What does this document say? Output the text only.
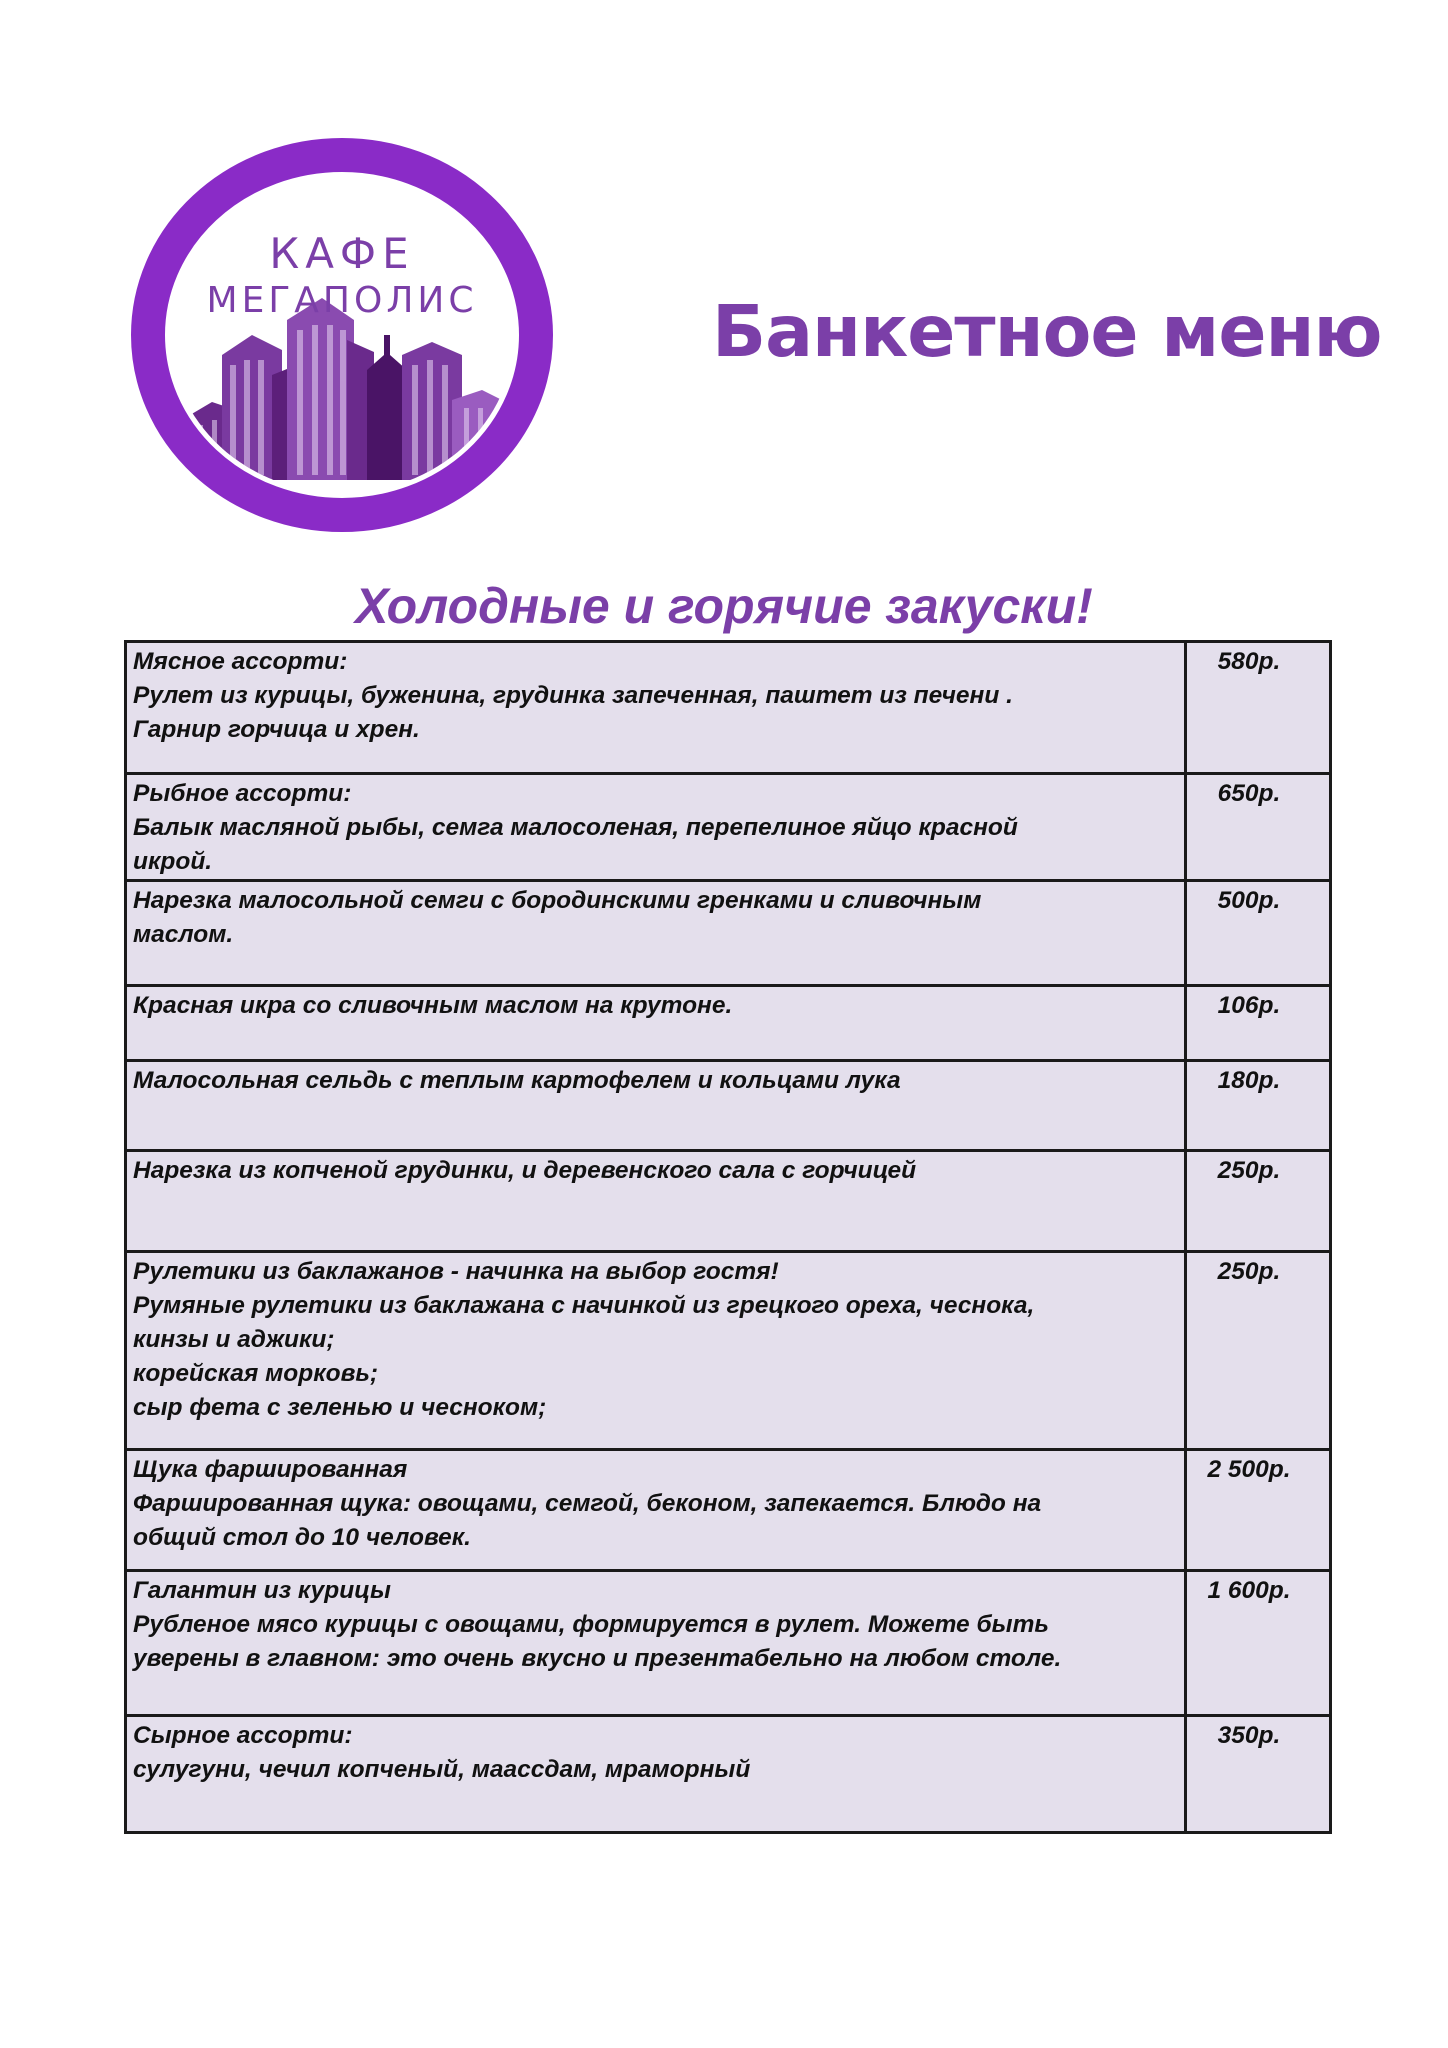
КАФЕ
МЕГАПОЛИС	Банкетное меню
Холодные и горячие закуски!
Мясное ассорти:
Рулет из курицы, буженина, грудинка запеченная, паштет из печени .
Гарнир горчица и хрен.	580р.

Рыбное ассорти:
Балык масляной рыбы, семга малосоленая, перепелиное яйцо красной
икрой.	650р.

Нарезка малосольной семги с бородинскими гренками и сливочным
маслом.	500р.

Красная икра со сливочным маслом на крутоне.	106р.

Малосольная сельдь с теплым картофелем и кольцами лука	180р.

Нарезка из копченой грудинки, и деревенского сала с горчицей	250р.

Рулетики из баклажанов - начинка на выбор гостя!
Румяные рулетики из баклажана с начинкой из грецкого ореха, чеснока,
кинзы и аджики;
корейская морковь;
сыр фета с зеленью и чесноком;	250р.

Щука фаршированная
Фаршированная щука: овощами, семгой, беконом, запекается. Блюдо на
общий стол до 10 человек.	2 500р.

Галантин из курицы
Рубленое мясо курицы с овощами, формируется в рулет. Можете быть
уверены в главном: это очень вкусно и презентабельно на любом столе.	1 600р.

Сырное ассорти:
сулугуни, чечил копченый, маассдам, мраморный	350р.
